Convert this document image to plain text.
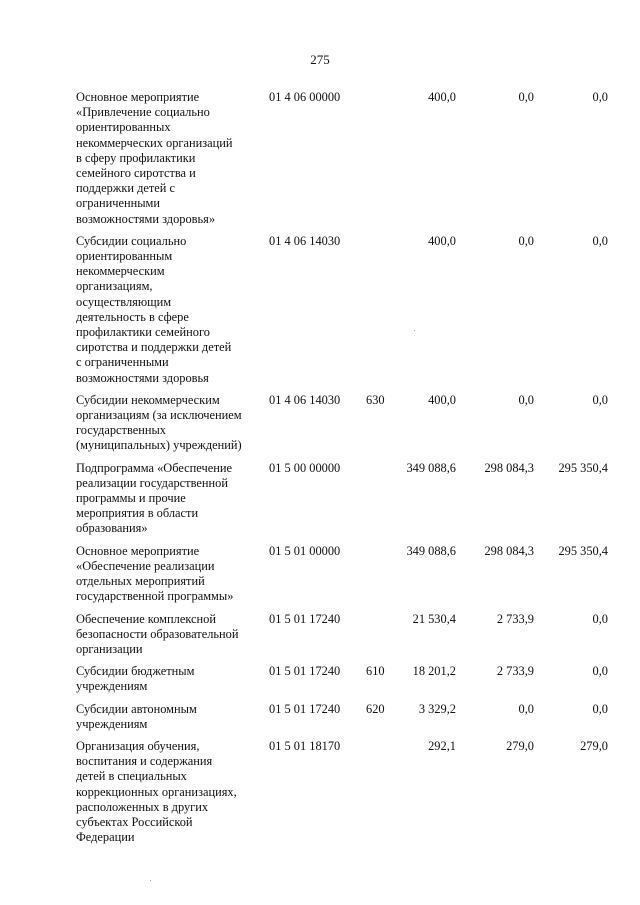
275
Основное мероприятие
«Привлечение социально
ориентированных
некоммерческих организаций
в сферу профилактики
семейного сиротства и
поддержки детей с
ограниченными
возможностями здоровья»
01 4 06 00000	400,0	0,0	0,0
Субсидии социально
ориентированным
некоммерческим
организациям,
осуществляющим
деятельность в сфере
профилактики семейного
сиротства и поддержки детей
с ограниченными
возможностями здоровья
01 4 06 14030	400,0	0,0	0,0
Субсидии некоммерческим
организациям (за исключением
государственных
(муниципальных) учреждений)
01 4 06 14030 630	400,0	0,0	0,0
Подпрограмма «Обеспечение
реализации государственной
программы и прочие
мероприятия в области
образования»
01 5 00 00000	349 088,6	298 084,3	295 350,4
Основное мероприятие
«Обеспечение реализации
отдельных мероприятий
государственной программы»
01 5 01 00000	349 088,6	298 084,3	295 350,4
Обеспечение комплексной
безопасности образовательной
организации
01 5 01 17240	21 530,4	2 733,9	0,0
Субсидии бюджетным
учреждениям
01 5 01 17240 610	18 201,2	2 733,9	0,0
Субсидии автономным
учреждениям
01 5 01 17240 620	3 329,2	0,0	0,0
Организация обучения,
воспитания и содержания
детей в специальных
коррекционных организациях,
расположенных в других
субъектах Российской
Федерации
01 5 01 18170	292,1	279,0	279,0
